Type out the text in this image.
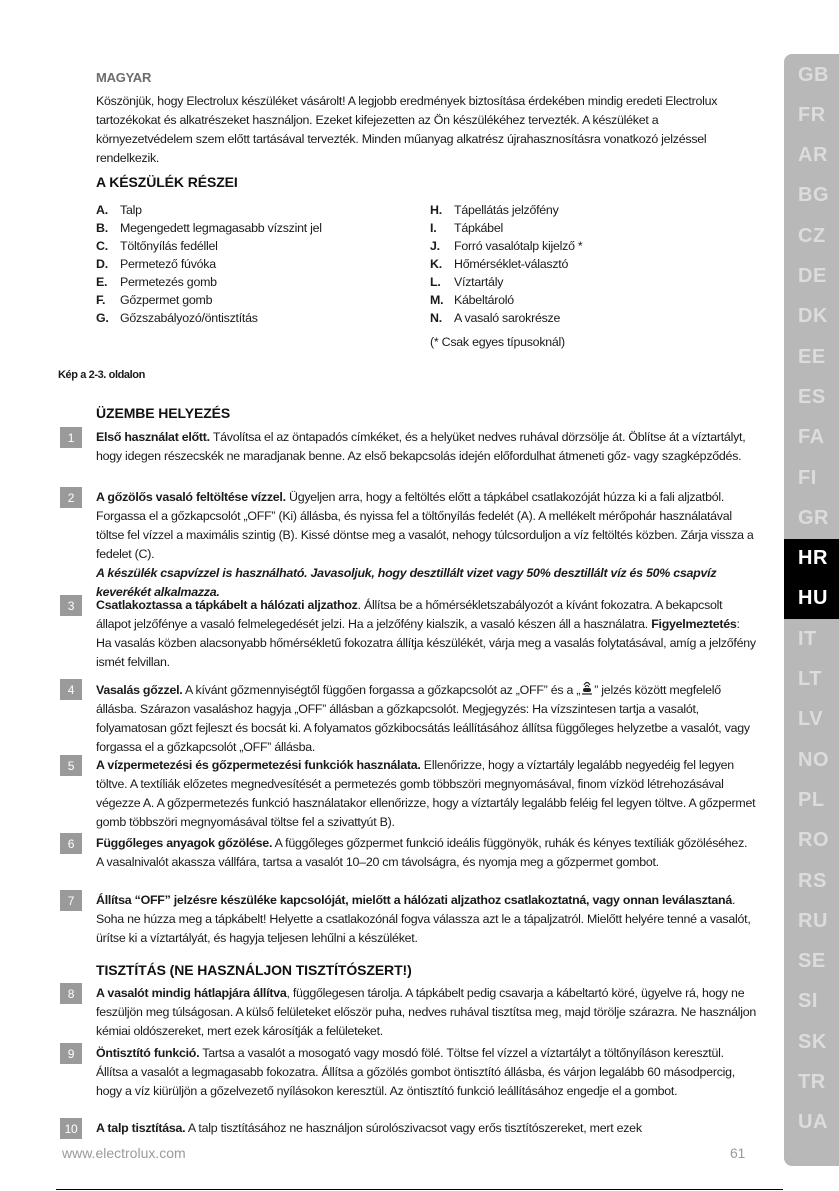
MAGYAR
Köszönjük, hogy Electrolux készüléket vásárolt! A legjobb eredmények biztosítása érdekében mindig eredeti Electrolux tartozékokat és alkatrészeket használjon. Ezeket kifejezetten az Ön készülékéhez tervezték. A készüléket a környezetvédelem szem előtt tartásával tervezték. Minden műanyag alkatrész újrahasznosításra vonatkozó jelzéssel rendelkezik.
A KÉSZÜLÉK RÉSZEI
A. Talp
B. Megengedett legmagasabb vízszint jel
C. Töltőnyílás fedéllel
D. Permetező fúvóka
E.	Permetezés gomb
F.	Gőzpermet gomb
G. Gőzszabályozó/öntisztítás
H. Tápellátás jelzőfény
I.	Tápkábel
J.	Forró vasalótalp kijelző *
K. Hőmérséklet-választó
L.	Víztartály
M. Kábeltároló
N. A vasaló sarokrésze
(* Csak egyes típusoknál)
Kép a 2-3. oldalon
ÜZEMBE HELYEZÉS
1	Első használat előtt. Távolítsa el az öntapadós címkéket, és a helyüket nedves ruhával dörzsölje át. Öblítse át a víztartályt, hogy idegen részecskék ne maradjanak benne. Az első bekapcsolás idején előfordulhat átmeneti gőz- vagy szagképződés.
2	A gőzölős vasaló feltöltése vízzel. Ügyeljen arra, hogy a feltöltés előtt a tápkábel csatlakozóját húzza ki a fali aljzatból. Forgassa el a gőzkapcsolót „OFF” (Ki) állásba, és nyissa fel a töltőnyílás fedelét (A). A mellékelt mérőpohár használatával töltse fel vízzel a maximális szintig (B). Kissé döntse meg a vasalót, nehogy túlcsorduljon a víz feltöltés közben. Zárja vissza a fedelet (C).
A készülék csapvízzel is használható. Javasoljuk, hogy desztillált vizet vagy 50% desztillált víz és 50% csapvíz keverékét alkalmazza.
3	Csatlakoztassa a tápkábelt a hálózati aljzathoz. Állítsa be a hőmérsékletszabályozót a kívánt fokozatra. A bekapcsolt állapot jelzőfénye a vasaló felmelegedését jelzi. Ha a jelzőfény kialszik, a vasaló készen áll a használatra. Figyelmeztetés: Ha vasalás közben alacsonyabb hőmérsékletű fokozatra állítja készülékét, várja meg a vasalás folytatásával, amíg a jelzőfény ismét felvillan.
4	Vasalás gőzzel. A kívánt gőzmennyiségtől függően forgassa a gőzkapcsolót az „OFF” és a „ ” jelzés között megfelelő állásba. Szárazon vasaláshoz hagyja „OFF” állásban a gőzkapcsolót. Megjegyzés: Ha vízszintesen tartja a vasalót, folyamatosan gőzt fejleszt és bocsát ki. A folyamatos gőzkibocsátás leállításához állítsa függőleges helyzetbe a vasalót, vagy forgassa el a gőzkapcsolót „OFF” állásba.
5	A vízpermetezési és gőzpermetezési funkciók használata. Ellenőrizze, hogy a víztartály legalább negyedéig fel legyen töltve. A textíliák előzetes megnedvesítését a permetezés gomb többszöri megnyomásával, finom vízköd létrehozásával végezze A. A gőzpermetezés funkció használatakor ellenőrizze, hogy a víztartály legalább feléig fel legyen töltve. A gőzpermet gomb többszöri megnyomásával töltse fel a szivattyút B).
6	Függőleges anyagok gőzölése. A függőleges gőzpermet funkció ideális függönyök, ruhák és kényes textíliák gőzöléséhez. A vasalnivalót akassza vállfára, tartsa a vasalót 10–20 cm távolságra, és nyomja meg a gőzpermet gombot.
7	Állítsa “OFF” jelzésre készüléke kapcsolóját, mielőtt a hálózati aljzathoz csatlakoztatná, vagy onnan leválasztaná. Soha ne húzza meg a tápkábelt! Helyette a csatlakozónál fogva válassza azt le a tápaljzatról. Mielőtt helyére tenné a vasalót, ürítse ki a víztartályát, és hagyja teljesen lehűlni a készüléket.
TISZTÍTÁS (NE HASZNÁLJON TISZTÍTÓSZERT!)
8	A vasalót mindig hátlapjára állítva, függőlegesen tárolja. A tápkábelt pedig csavarja a kábeltartó köré, ügyelve rá, hogy ne feszüljön meg túlságosan. A külső felületeket először puha, nedves ruhával tisztítsa meg, majd törölje szárazra. Ne használjon kémiai oldószereket, mert ezek károsítják a felületeket.
9	Öntisztító funkció. Tartsa a vasalót a mosogató vagy mosdó fölé. Töltse fel vízzel a víztartályt a töltőnyíláson keresztül. Állítsa a vasalót a legmagasabb fokozatra. Állítsa a gőzölés gombot öntisztító állásba, és várjon legalább 60 másodpercig, hogy a víz kiürüljön a gőzelvezető nyílásokon keresztül. Az öntisztító funkció leállításához engedje el a gombot.
10	A talp tisztítása. A talp tisztításához ne használjon súrolószivacsot vagy erős tisztítószereket, mert ezek
www.electrolux.com	61
GB
FR
AR
BG
CZ
DE
DK
EE
ES
FA
FI
GR
HR
HU
IT
LT
LV
NO
PL
RO
RS
RU
SE
SI
SK
TR
UA
